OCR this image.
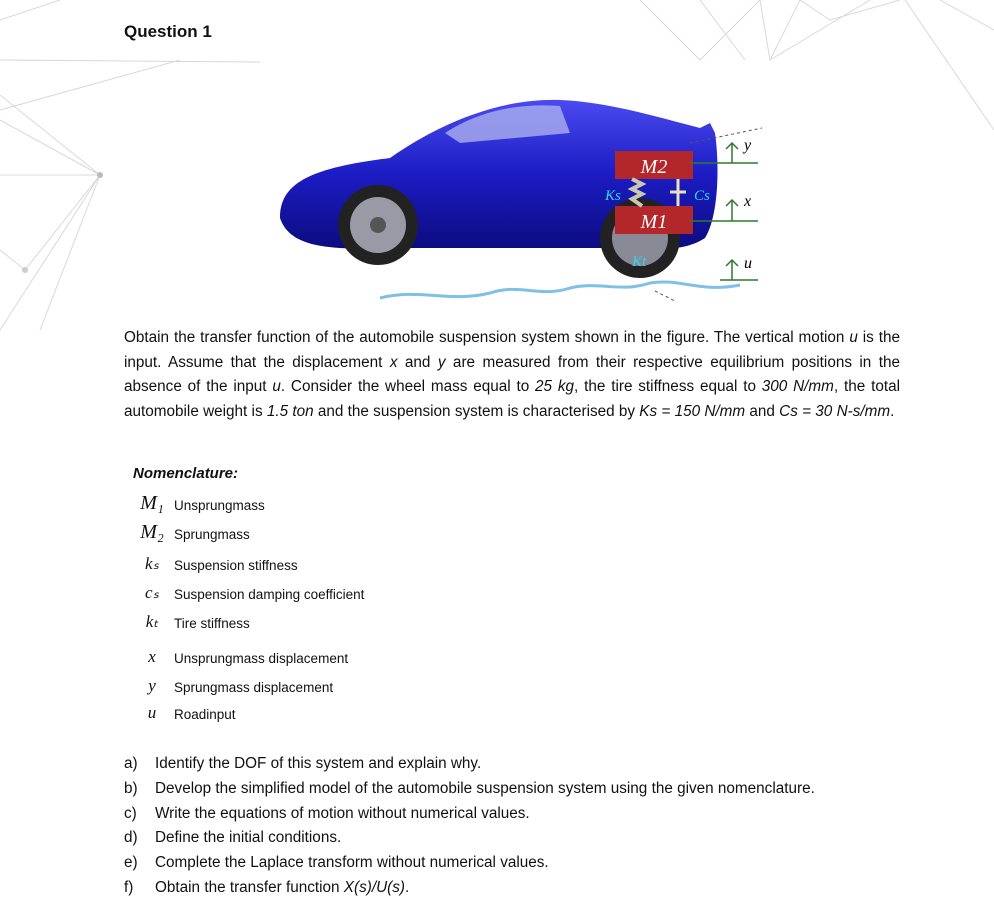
Question 1
M2
M1
Ks	Cs
Kt
y
x
u
Obtain the transfer function of the automobile suspension system shown in the figure. The vertical motion u is the input. Assume that the displacement x and y are measured from their respective equilibrium positions in the absence of the input u. Consider the wheel mass equal to 25 kg, the tire stiffness equal to 300 N/mm, the total automobile weight is 1.5 ton and the suspension system is characterised by Ks = 150 N/mm and Cs = 30 N-s/mm.
Nomenclature:
M₁ Unsprungmass
M₂ Sprungmass
kₛ	Suspension stiffness
cₛ	Suspension damping coefficient
kₜ	Tire stiffness
x	Unsprungmass displacement
y	Sprungmass displacement
u	Roadinput
a)	Identify the DOF of this system and explain why.
b)	Develop the simplified model of the automobile suspension system using the given nomenclature.
c)	Write the equations of motion without numerical values.
d)	Define the initial conditions.
e)	Complete the Laplace transform without numerical values.
f)	Obtain the transfer function X(s)/U(s).
